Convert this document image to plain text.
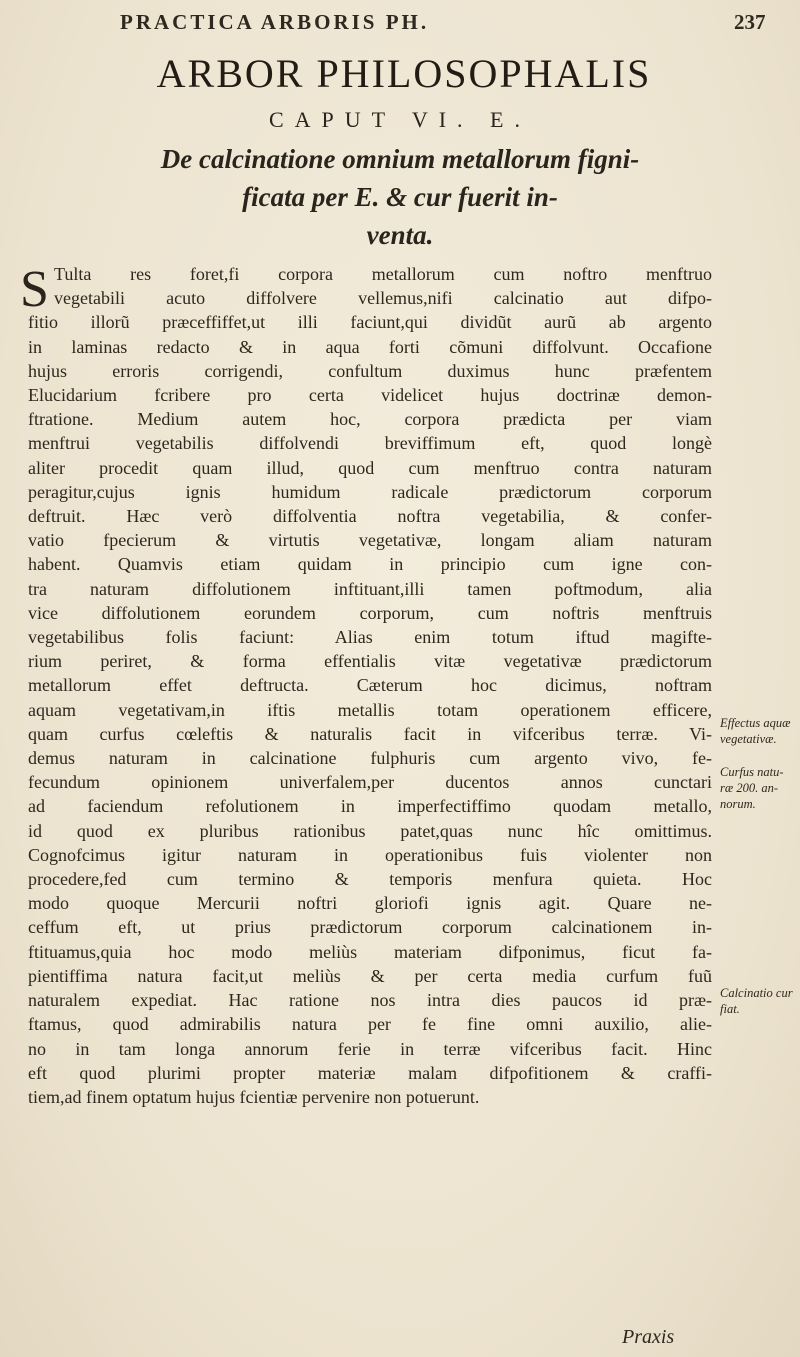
PRACTICA ARBORIS PH.	237
ARBOR PHILOSOPHALIS
CAPUT VI. E.
De calcinatione omnium metallorum figni-
ficata per E. & cur fuerit in-
venta.
S Tulta res foret,fi corpora metallorum cum noftro menftruo
vegetabili acuto diffolvere vellemus,nifi calcinatio aut difpo-
fitio illorũ præceffiffet,ut illi faciunt,qui dividũt aurũ ab argento
in laminas redacto & in aqua forti cõmuni diffolvunt. Occafione
hujus erroris corrigendi, confultum duximus hunc præfentem
Elucidarium fcribere pro certa videlicet hujus doctrinæ demon-
ftratione. Medium autem hoc, corpora prædicta per viam
menftrui vegetabilis diffolvendi breviffimum eft, quod longè
aliter procedit quam illud, quod cum menftruo contra naturam
peragitur,cujus ignis humidum radicale prædictorum corporum
deftruit. Hæc verò diffolventia noftra vegetabilia, & confer-
vatio fpecierum & virtutis vegetativæ, longam aliam naturam
habent. Quamvis etiam quidam in principio cum igne con-
tra naturam diffolutionem inftituant,illi tamen poftmodum, alia
vice diffolutionem eorundem corporum, cum noftris menftruis
vegetabilibus folis faciunt: Alias enim totum iftud magifte-
rium periret, & forma effentialis vitæ vegetativæ prædictorum
metallorum effet deftructa. Cæterum hoc dicimus, noftram
aquam vegetativam,in iftis metallis totam operationem efficere,
quam curfus cœleftis & naturalis facit in vifceribus terræ. Vi-
demus naturam in calcinatione fulphuris cum argento vivo, fe-
fecundum opinionem univerfalem,per ducentos annos cunctari
ad faciendum refolutionem in imperfectiffimo quodam metallo,
id quod ex pluribus rationibus patet,quas nunc hîc omittimus.
Cognofcimus igitur naturam in operationibus fuis violenter non
procedere,fed cum termino & temporis menfura quieta. Hoc
modo quoque Mercurii noftri gloriofi ignis agit. Quare ne-
ceffum eft, ut prius prædictorum corporum calcinationem in-
ftituamus,quia hoc modo meliùs materiam difponimus, ficut fa-
pientiffima natura facit,ut meliùs & per certa media curfum fuũ
naturalem expediat. Hac ratione nos intra dies paucos id præ-
ftamus, quod admirabilis natura per fe fine omni auxilio, alie-
no in tam longa annorum ferie in terræ vifceribus facit. Hinc
eft quod plurimi propter materiæ malam difpofitionem & craffi-
tiem,ad finem optatum hujus fcientiæ pervenire non potuerunt.
Effectus aquæ
vegetativæ.
Curfus natu-
ræ 200. an-
norum.
Calcinatio cur
fiat.
Praxis
